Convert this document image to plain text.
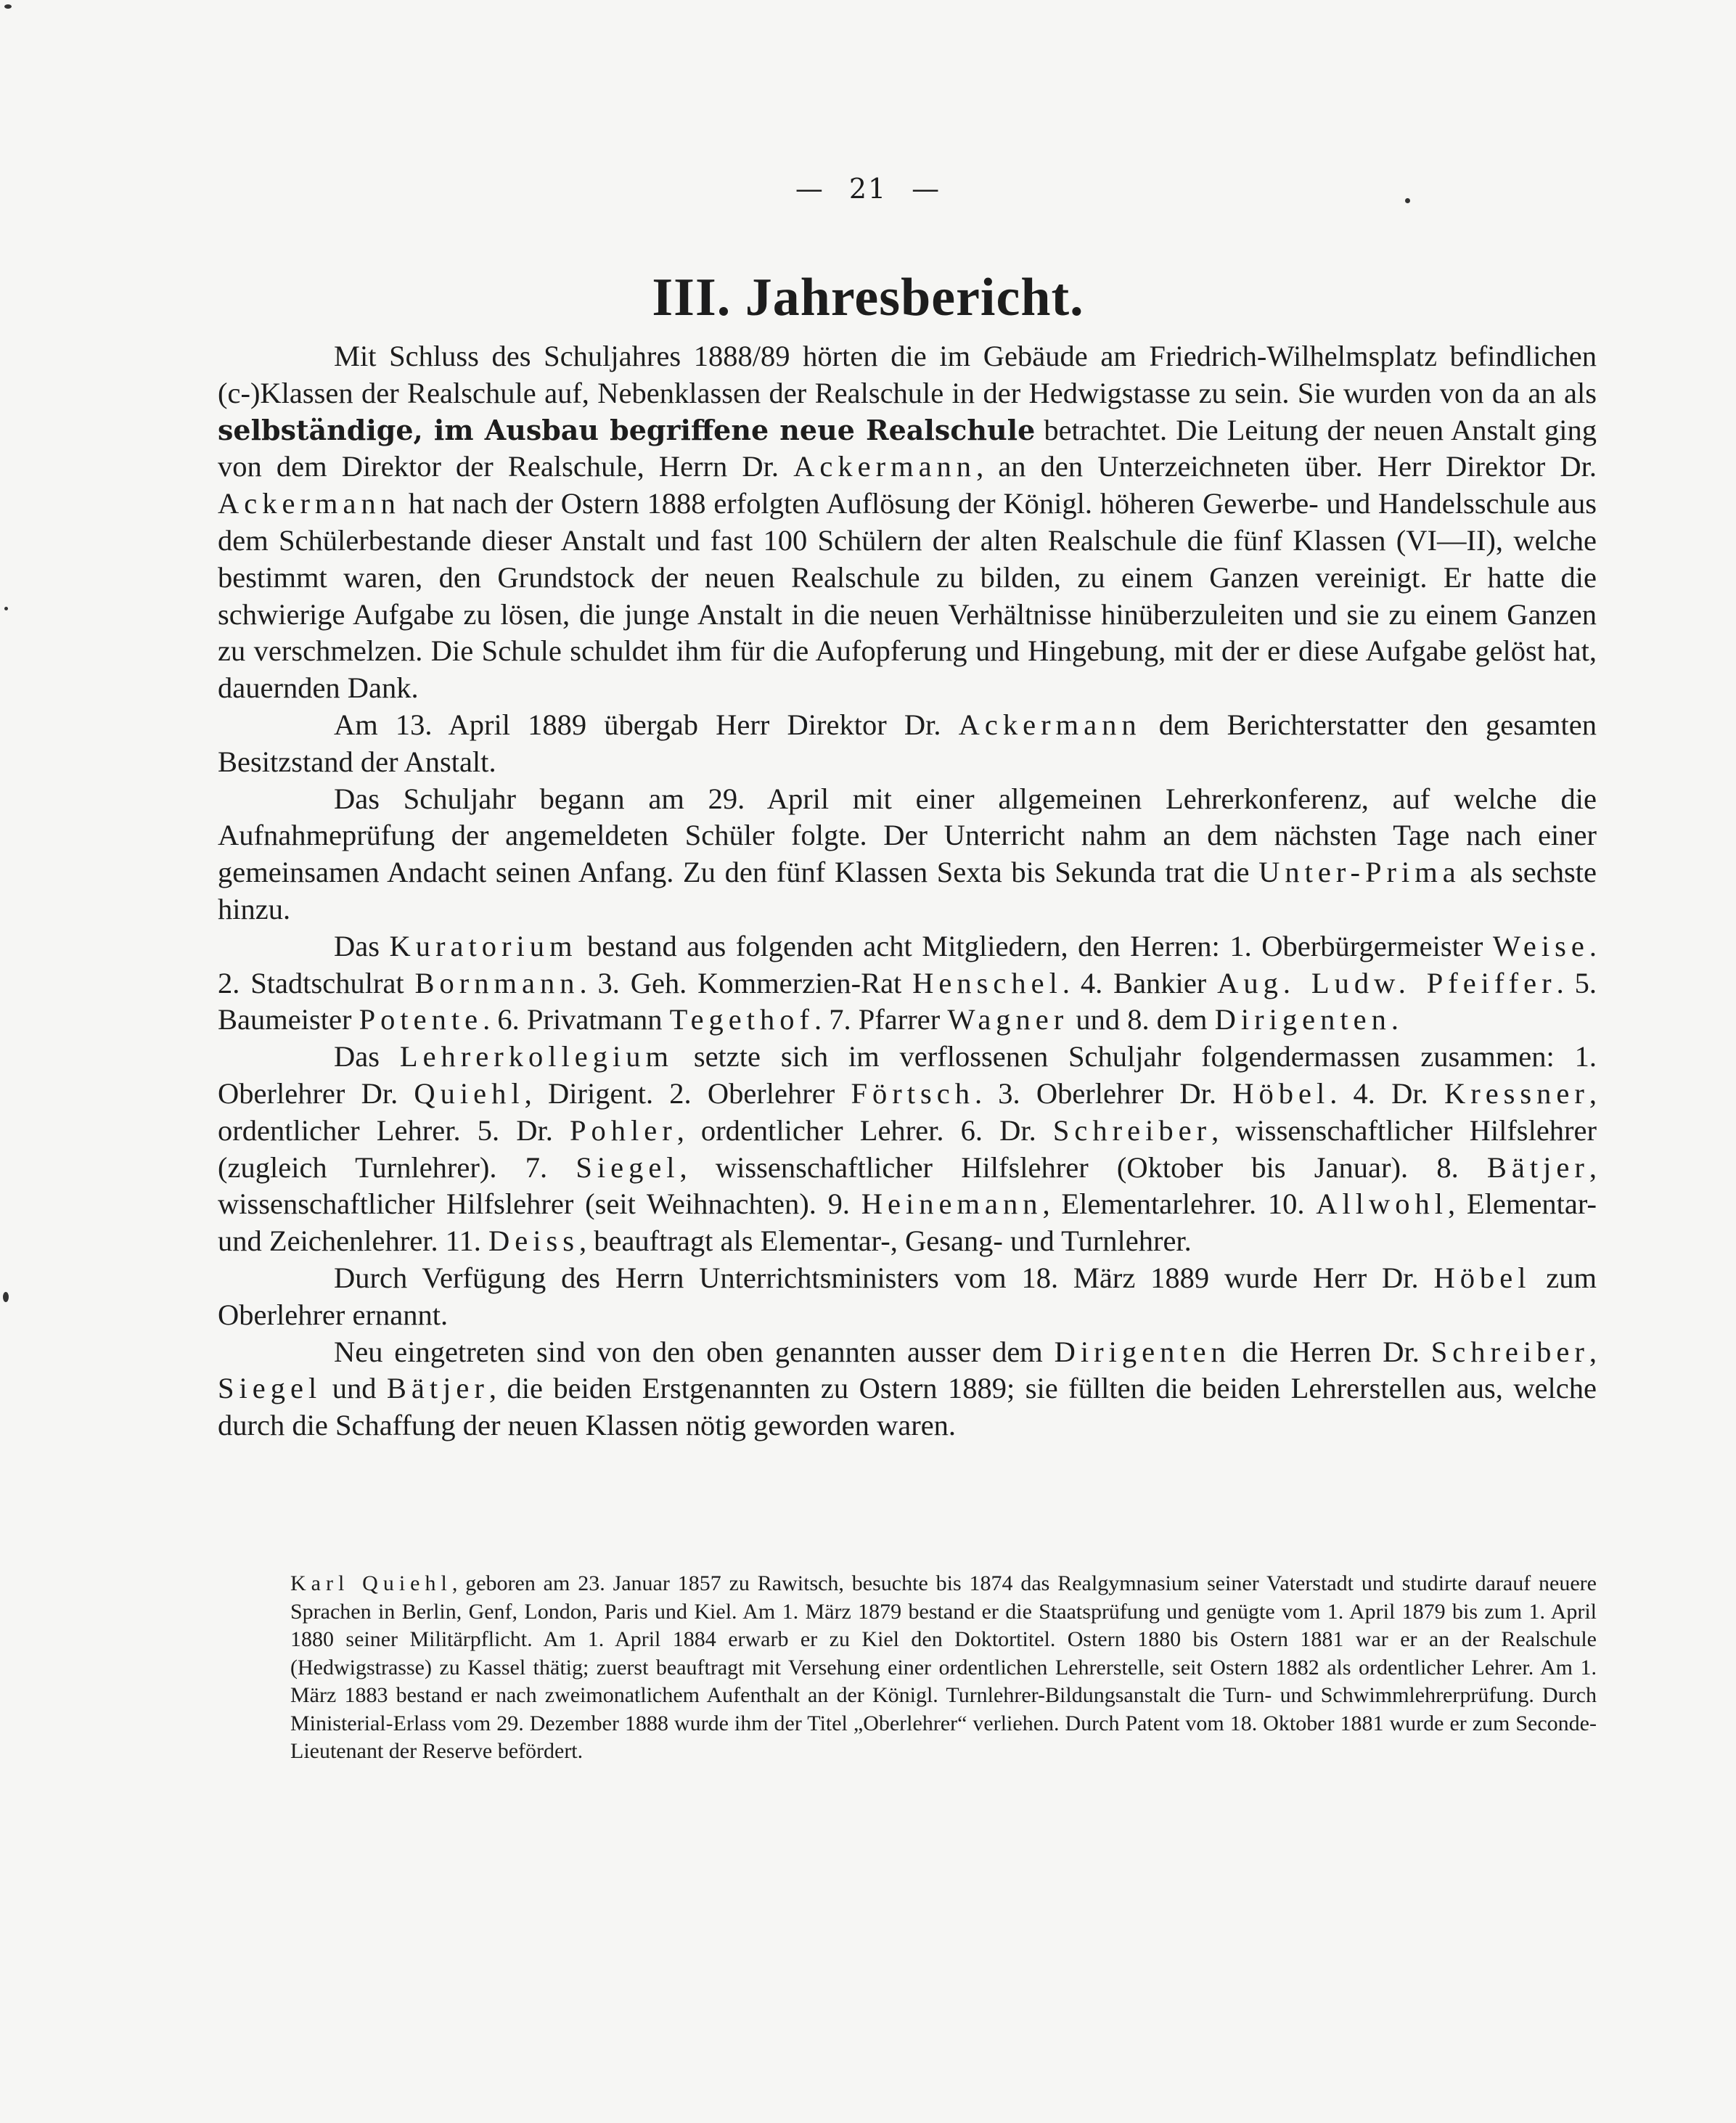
— 21 —
III. Jahresbericht.

Mit Schluss des Schuljahres 1888/89 hörten die im Gebäude am Friedrich-Wilhelmsplatz befindlichen (c-)Klassen der Realschule auf, Nebenklassen der Realschule in der Hedwigstasse zu sein. Sie wurden von da an als selbständige, im Ausbau begriffene neue Realschule betrachtet. Die Leitung der neuen Anstalt ging von dem Direktor der Realschule, Herrn Dr. Ackermann, an den Unterzeichneten über. Herr Direktor Dr. Ackermann hat nach der Ostern 1888 erfolgten Auflösung der Königl. höheren Gewerbe- und Handelsschule aus dem Schülerbestande dieser Anstalt und fast 100 Schülern der alten Realschule die fünf Klassen (VI—II), welche bestimmt waren, den Grundstock der neuen Realschule zu bilden, zu einem Ganzen vereinigt. Er hatte die schwierige Aufgabe zu lösen, die junge Anstalt in die neuen Verhältnisse hinüberzuleiten und sie zu einem Ganzen zu verschmelzen. Die Schule schuldet ihm für die Aufopferung und Hingebung, mit der er diese Aufgabe gelöst hat, dauernden Dank.

Am 13. April 1889 übergab Herr Direktor Dr. Ackermann dem Berichterstatter den gesamten Besitzstand der Anstalt.

Das Schuljahr begann am 29. April mit einer allgemeinen Lehrerkonferenz, auf welche die Aufnahmeprüfung der angemeldeten Schüler folgte. Der Unterricht nahm an dem nächsten Tage nach einer gemeinsamen Andacht seinen Anfang. Zu den fünf Klassen Sexta bis Sekunda trat die Unter-Prima als sechste hinzu.

Das Kuratorium bestand aus folgenden acht Mitgliedern, den Herren: 1. Oberbürgermeister Weise. 2. Stadtschulrat Bornmann. 3. Geh. Kommerzien-Rat Henschel. 4. Bankier Aug. Ludw. Pfeiffer. 5. Baumeister Potente. 6. Privatmann Tegethof. 7. Pfarrer Wagner und 8. dem Dirigenten.

Das Lehrerkollegium setzte sich im verflossenen Schuljahr folgendermassen zusammen: 1. Oberlehrer Dr. Quiehl, Dirigent. 2. Oberlehrer Förtsch. 3. Oberlehrer Dr. Höbel. 4. Dr. Kressner, ordentlicher Lehrer. 5. Dr. Pohler, ordentlicher Lehrer. 6. Dr. Schreiber, wissenschaftlicher Hilfslehrer (zugleich Turnlehrer). 7. Siegel, wissenschaftlicher Hilfslehrer (Oktober bis Januar). 8. Bätjer, wissenschaftlicher Hilfslehrer (seit Weihnachten). 9. Heinemann, Elementarlehrer. 10. Allwohl, Elementar- und Zeichenlehrer. 11. Deiss, beauftragt als Elementar-, Gesang- und Turnlehrer.

Durch Verfügung des Herrn Unterrichtsministers vom 18. März 1889 wurde Herr Dr. Höbel zum Oberlehrer ernannt.

Neu eingetreten sind von den oben genannten ausser dem Dirigenten die Herren Dr. Schreiber, Siegel und Bätjer, die beiden Erstgenannten zu Ostern 1889; sie füllten die beiden Lehrerstellen aus, welche durch die Schaffung der neuen Klassen nötig geworden waren.

Karl Quiehl, geboren am 23. Januar 1857 zu Rawitsch, besuchte bis 1874 das Realgymnasium seiner Vaterstadt und studirte darauf neuere Sprachen in Berlin, Genf, London, Paris und Kiel. Am 1. März 1879 bestand er die Staatsprüfung und genügte vom 1. April 1879 bis zum 1. April 1880 seiner Militärpflicht. Am 1. April 1884 erwarb er zu Kiel den Doktortitel. Ostern 1880 bis Ostern 1881 war er an der Realschule (Hedwigstrasse) zu Kassel thätig; zuerst beauftragt mit Versehung einer ordentlichen Lehrerstelle, seit Ostern 1882 als ordentlicher Lehrer. Am 1. März 1883 bestand er nach zweimonatlichem Aufenthalt an der Königl. Turnlehrer-Bildungsanstalt die Turn- und Schwimmlehrerprüfung. Durch Ministerial-Erlass vom 29. Dezember 1888 wurde ihm der Titel „Oberlehrer“ verliehen. Durch Patent vom 18. Oktober 1881 wurde er zum Seconde-Lieutenant der Reserve befördert.
